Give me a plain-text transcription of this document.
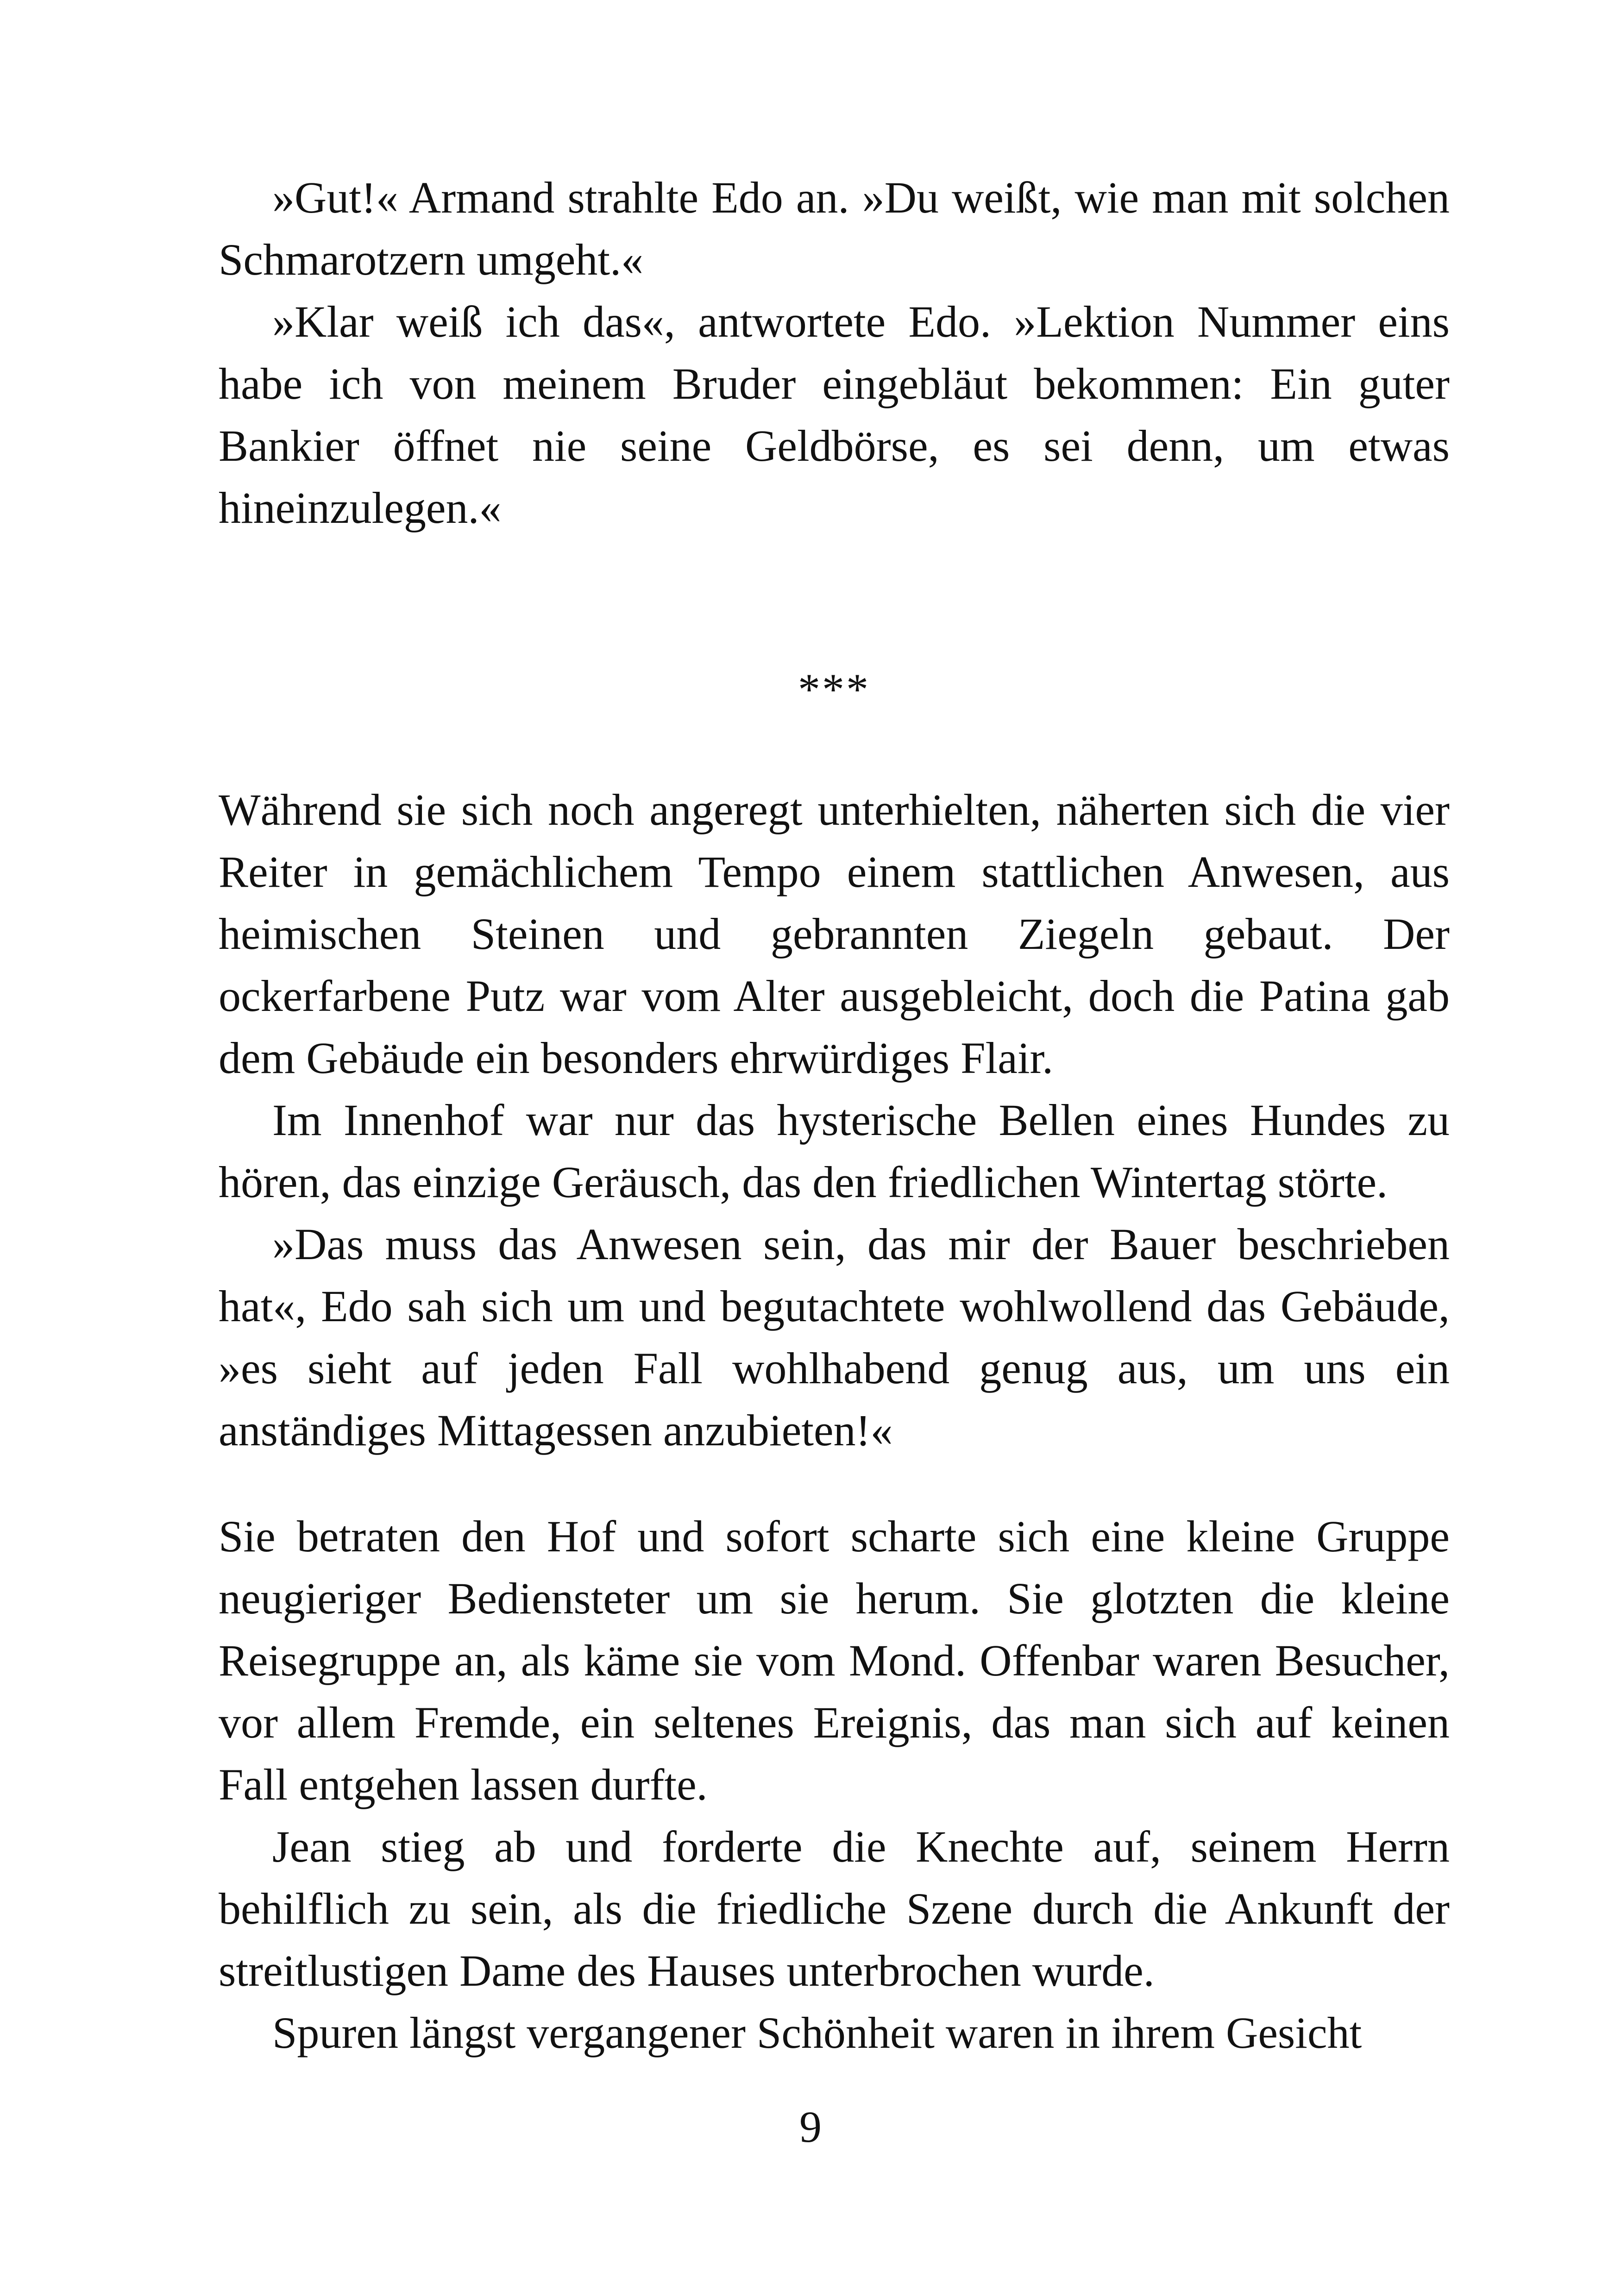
»Gut!« Armand strahlte Edo an. »Du weißt, wie man mit solchen Schmarotzern umgeht.«

»Klar weiß ich das«, antwortete Edo. »Lektion Nummer eins habe ich von meinem Bruder eingebläut bekommen: Ein guter Bankier öffnet nie seine Geldbörse, es sei denn, um etwas hineinzulegen.«

***

Während sie sich noch angeregt unterhielten, näherten sich die vier Reiter in gemächlichem Tempo einem stattlichen Anwesen, aus heimischen Steinen und gebrannten Ziegeln gebaut. Der ockerfarbene Putz war vom Alter ausgebleicht, doch die Patina gab dem Gebäude ein besonders ehrwürdiges Flair.

Im Innenhof war nur das hysterische Bellen eines Hundes zu hören, das einzige Geräusch, das den friedlichen Wintertag störte.

»Das muss das Anwesen sein, das mir der Bauer beschrieben hat«, Edo sah sich um und begutachtete wohlwollend das Gebäude, »es sieht auf jeden Fall wohlhabend genug aus, um uns ein anständiges Mittagessen anzubieten!«

Sie betraten den Hof und sofort scharte sich eine kleine Gruppe neugieriger Bediensteter um sie herum. Sie glotzten die kleine Reisegruppe an, als käme sie vom Mond. Offenbar waren Besucher, vor allem Fremde, ein seltenes Ereignis, das man sich auf keinen Fall entgehen lassen durfte.

Jean stieg ab und forderte die Knechte auf, seinem Herrn behilflich zu sein, als die friedliche Szene durch die Ankunft der streitlustigen Dame des Hauses unterbrochen wurde.

Spuren längst vergangener Schönheit waren in ihrem Gesicht

9
